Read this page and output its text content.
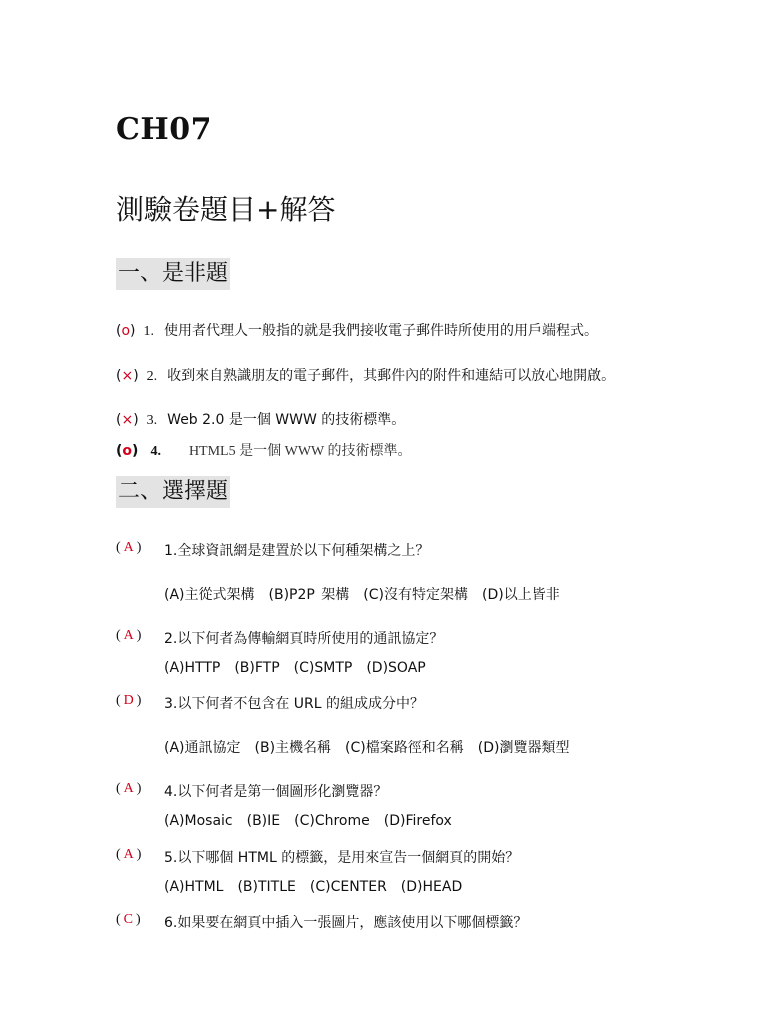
CH07
測驗卷題目+解答
一、是非題
(o) 1. 使用者代理人一般指的就是我們接收電子郵件時所使用的用戶端程式。
(×) 2. 收到來自熟識朋友的電子郵件，其郵件內的附件和連結可以放心地開啟。
(×) 3. Web 2.0 是一個 WWW 的技術標準。
(o) 4. HTML5 是一個 WWW 的技術標準。
二、選擇題
( A ) 1.全球資訊網是建置於以下何種架構之上？
(A)主從式架構 (B)P2P 架構 (C)沒有特定架構 (D)以上皆非
( A ) 2.以下何者為傳輸網頁時所使用的通訊協定？
(A)HTTP (B)FTP (C)SMTP (D)SOAP
( D ) 3.以下何者不包含在 URL 的組成成分中？
(A)通訊協定 (B)主機名稱 (C)檔案路徑和名稱 (D)瀏覽器類型
( A ) 4.以下何者是第一個圖形化瀏覽器？
(A)Mosaic (B)IE (C)Chrome (D)Firefox
( A ) 5.以下哪個 HTML 的標籤，是用來宣告一個網頁的開始？
(A)HTML (B)TITLE (C)CENTER (D)HEAD
( C ) 6.如果要在網頁中插入一張圖片，應該使用以下哪個標籤？
